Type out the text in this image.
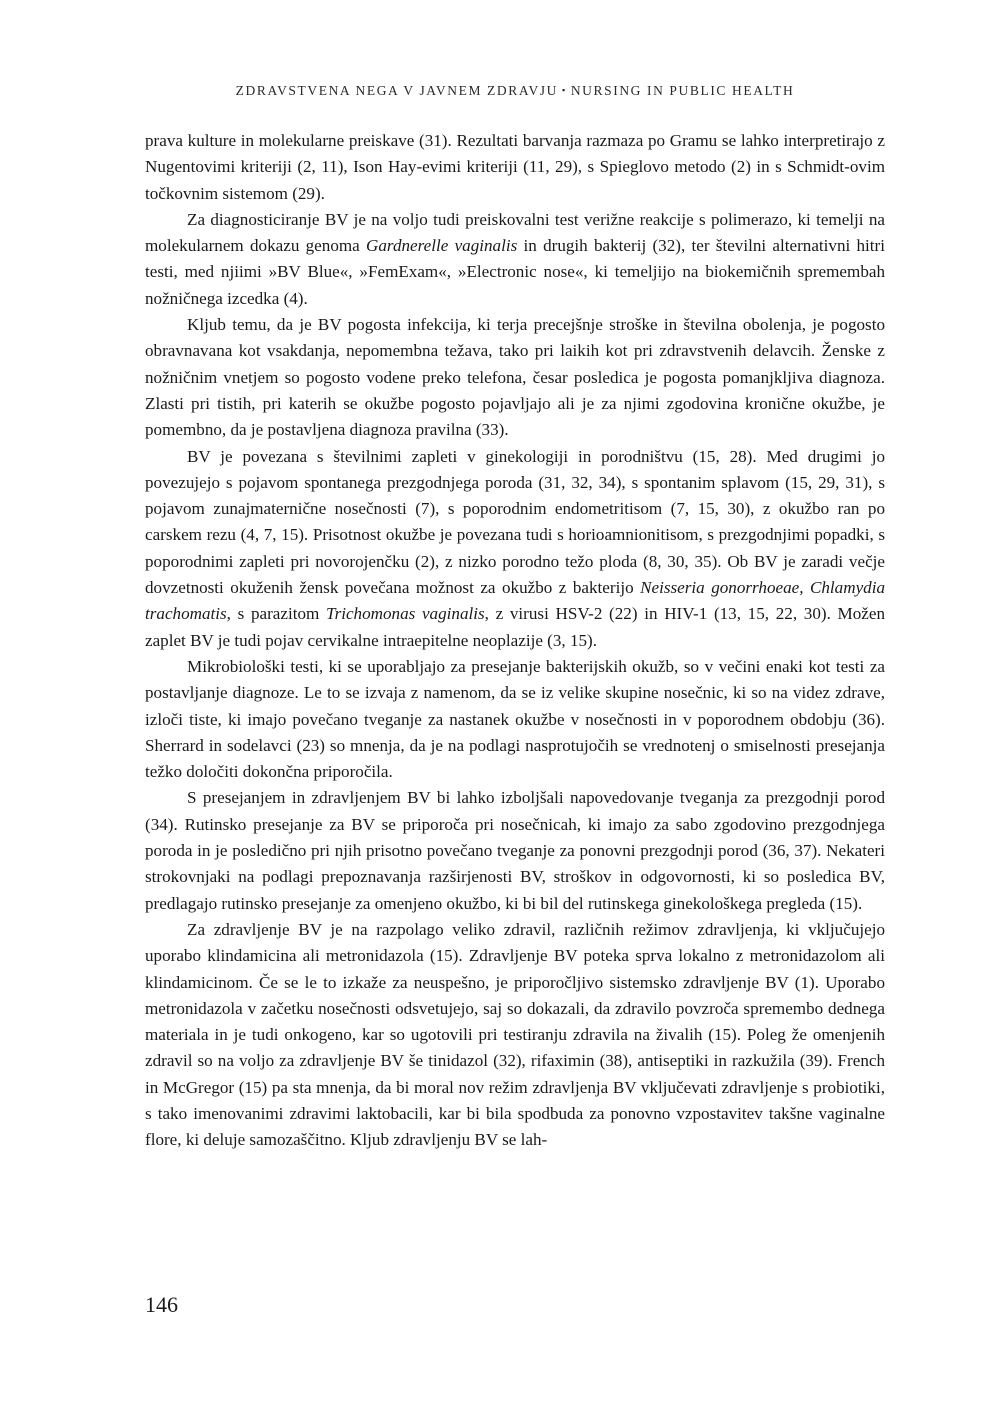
ZDRAVSTVENA NEGA V JAVNEM ZDRAVJU ▪ NURSING IN PUBLIC HEALTH

prava kulture in molekularne preiskave (31). Rezultati barvanja razmaza po Gramu se lahko interpretirajo z Nugentovimi kriteriji (2, 11), Ison Hay-evimi kriteriji (11, 29), s Spieglovo metodo (2) in s Schmidt-ovim točkovnim sistemom (29).

Za diagnosticiranje BV je na voljo tudi preiskovalni test verižne reakcije s polimerazo, ki temelji na molekularnem dokazu genoma Gardnerelle vaginalis in drugih bakterij (32), ter številni alternativni hitri testi, med njiimi »BV Blue«, »FemExam«, »Electronic nose«, ki temeljijo na biokemičnih spremembah nožničnega izcedka (4).

Kljub temu, da je BV pogosta infekcija, ki terja precejšnje stroške in številna obolenja, je pogosto obravnavana kot vsakdanja, nepomembna težava, tako pri laikih kot pri zdravstvenih delavcih. Ženske z nožničnim vnetjem so pogosto vodene preko telefona, česar posledica je pogosta pomanjkljiva diagnoza. Zlasti pri tistih, pri katerih se okužbe pogosto pojavljajo ali je za njimi zgodovina kronične okužbe, je pomembno, da je postavljena diagnoza pravilna (33).

BV je povezana s številnimi zapleti v ginekologiji in porodništvu (15, 28). Med drugimi jo povezujejo s pojavom spontanega prezgodnjega poroda (31, 32, 34), s spontanim splavom (15, 29, 31), s pojavom zunajmaternične nosečnosti (7), s poporodnim endometritisom (7, 15, 30), z okužbo ran po carskem rezu (4, 7, 15). Prisotnost okužbe je povezana tudi s horioamnionitisom, s prezgodnjimi popadki, s poporodnimi zapleti pri novorojenčku (2), z nizko porodno težo ploda (8, 30, 35). Ob BV je zaradi večje dovzetnosti okuženih žensk povečana možnost za okužbo z bakterijo Neisseria gonorrhoeae, Chlamydia trachomatis, s parazitom Trichomonas vaginalis, z virusi HSV-2 (22) in HIV-1 (13, 15, 22, 30). Možen zaplet BV je tudi pojav cervikalne intraepitelne neoplazije (3, 15).

Mikrobiološki testi, ki se uporabljajo za presejanje bakterijskih okužb, so v večini enaki kot testi za postavljanje diagnoze. Le to se izvaja z namenom, da se iz velike skupine nosečnic, ki so na videz zdrave, izloči tiste, ki imajo povečano tveganje za nastanek okužbe v nosečnosti in v poporodnem obdobju (36). Sherrard in sodelavci (23) so mnenja, da je na podlagi nasprotujočih se vrednotenj o smiselnosti presejanja težko določiti dokončna priporočila.

S presejanjem in zdravljenjem BV bi lahko izboljšali napovedovanje tveganja za prezgodnji porod (34). Rutinsko presejanje za BV se priporoča pri nosečnicah, ki imajo za sabo zgodovino prezgodnjega poroda in je posledično pri njih prisotno povečano tveganje za ponovni prezgodnji porod (36, 37). Nekateri strokovnjaki na podlagi prepoznavanja razširjenosti BV, stroškov in odgovornosti, ki so posledica BV, predlagajo rutinsko presejanje za omenjeno okužbo, ki bi bil del rutinskega ginekološkega pregleda (15).

Za zdravljenje BV je na razpolago veliko zdravil, različnih režimov zdravljenja, ki vključujejo uporabo klindamicina ali metronidazola (15). Zdravljenje BV poteka sprva lokalno z metronidazolom ali klindamicinom. Če se le to izkaže za neuspešno, je priporočljivo sistemsko zdravljenje BV (1). Uporabo metronidazola v začetku nosečnosti odsvetujejo, saj so dokazali, da zdravilo povzroča spremembo dednega materiala in je tudi onkogeno, kar so ugotovili pri testiranju zdravila na živalih (15). Poleg že omenjenih zdravil so na voljo za zdravljenje BV še tinidazol (32), rifaximin (38), antiseptiki in razkužila (39). French in McGregor (15) pa sta mnenja, da bi moral nov režim zdravljenja BV vključevati zdravljenje s probiotiki, s tako imenovanimi zdravimi laktobacili, kar bi bila spodbuda za ponovno vzpostavitev takšne vaginalne flore, ki deluje samozaščitno. Kljub zdravljenju BV se lah-

146
